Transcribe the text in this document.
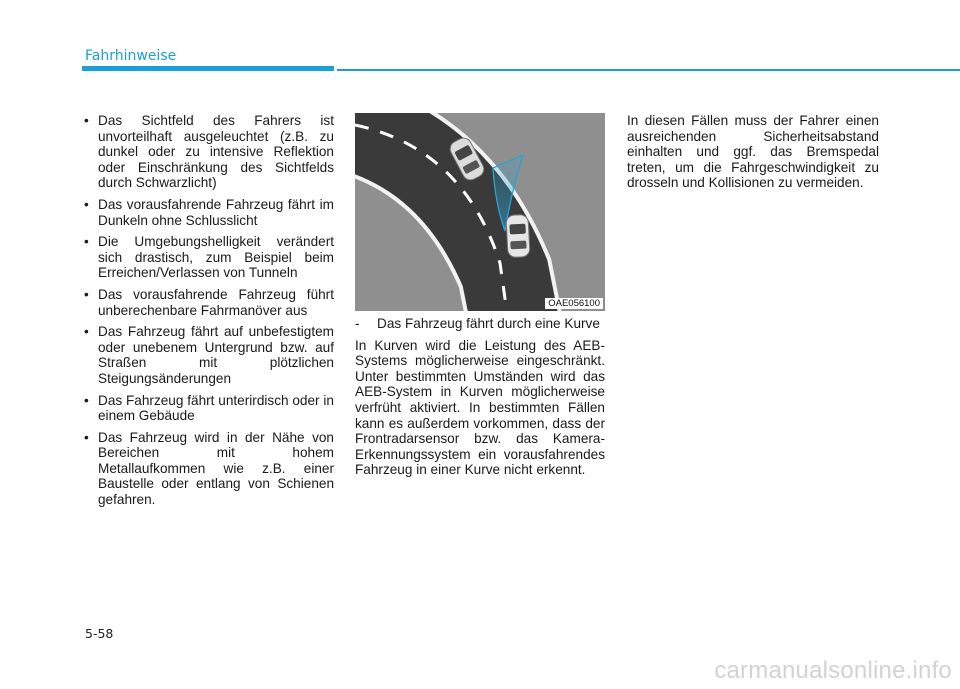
Fahrhinweise
• Das Sichtfeld des Fahrers ist unvorteilhaft ausgeleuchtet (z.B. zu dunkel oder zu intensive Reflektion oder Einschränkung des Sichtfelds durch Schwarzlicht)
• Das vorausfahrende Fahrzeug fährt im Dunkeln ohne Schlusslicht
• Die Umgebungshelligkeit verändert sich drastisch, zum Beispiel beim Erreichen/Verlassen von Tunneln
• Das vorausfahrende Fahrzeug führt unberechenbare Fahrmanöver aus
• Das Fahrzeug fährt auf unbefestigtem oder unebenem Untergrund bzw. auf Straßen mit plötzlichen Steigungsänderungen
• Das Fahrzeug fährt unterirdisch oder in einem Gebäude
• Das Fahrzeug wird in der Nähe von Bereichen mit hohem Metallaufkommen wie z.B. einer Baustelle oder entlang von Schienen gefahren.
OAE056100
-	Das Fahrzeug fährt durch eine Kurve

In Kurven wird die Leistung des AEB-Systems möglicherweise eingeschränkt. Unter bestimmten Umständen wird das AEB-System in Kurven möglicherweise verfrüht aktiviert. In bestimmten Fällen kann es außerdem vorkommen, dass der Frontradarsensor bzw. das Kamera-Erkennungssystem ein vorausfahrendes Fahrzeug in einer Kurve nicht erkennt.

In diesen Fällen muss der Fahrer einen ausreichenden Sicherheitsabstand einhalten und ggf. das Bremspedal treten, um die Fahrgeschwindigkeit zu drosseln und Kollisionen zu vermeiden.

5-58
carmanualsonline.info
